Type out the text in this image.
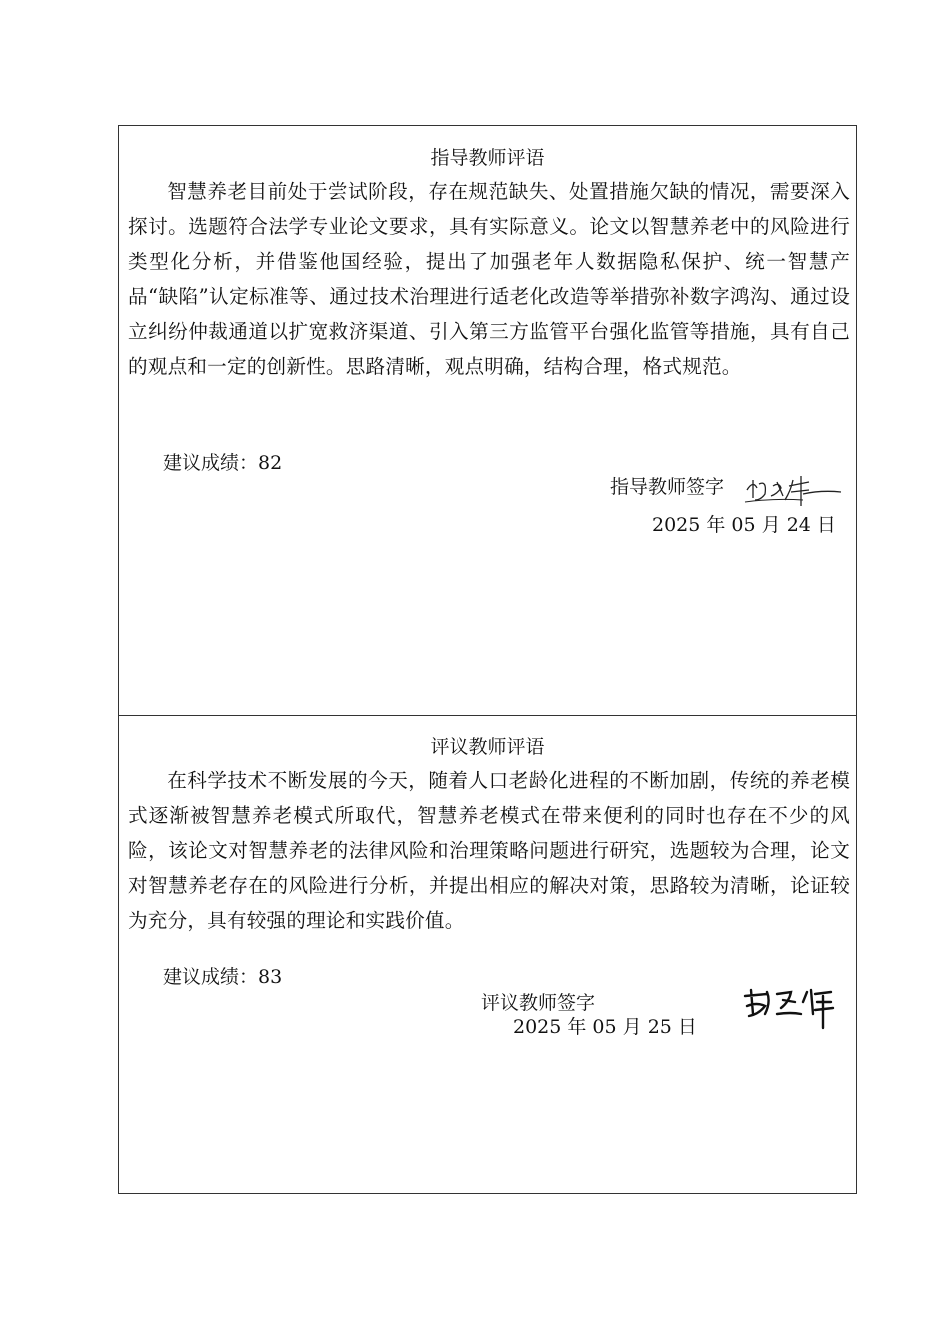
指导教师评语
智慧养老目前处于尝试阶段，存在规范缺失、处置措施欠缺的情况，需要深入探讨。选题符合法学专业论文要求，具有实际意义。论文以智慧养老中的风险进行类型化分析，并借鉴他国经验，提出了加强老年人数据隐私保护、统一智慧产品“缺陷”认定标准等、通过技术治理进行适老化改造等举措弥补数字鸿沟、通过设立纠纷仲裁通道以扩宽救济渠道、引入第三方监管平台强化监管等措施，具有自己的观点和一定的创新性。思路清晰，观点明确，结构合理，格式规范。
建议成绩：82
指导教师签字
2025 年 05 月 24 日
评议教师评语
在科学技术不断发展的今天，随着人口老龄化进程的不断加剧，传统的养老模式逐渐被智慧养老模式所取代，智慧养老模式在带来便利的同时也存在不少的风险，该论文对智慧养老的法律风险和治理策略问题进行研究，选题较为合理，论文对智慧养老存在的风险进行分析，并提出相应的解决对策，思路较为清晰，论证较为充分，具有较强的理论和实践价值。
建议成绩：83
评议教师签字
2025 年 05 月 25 日
